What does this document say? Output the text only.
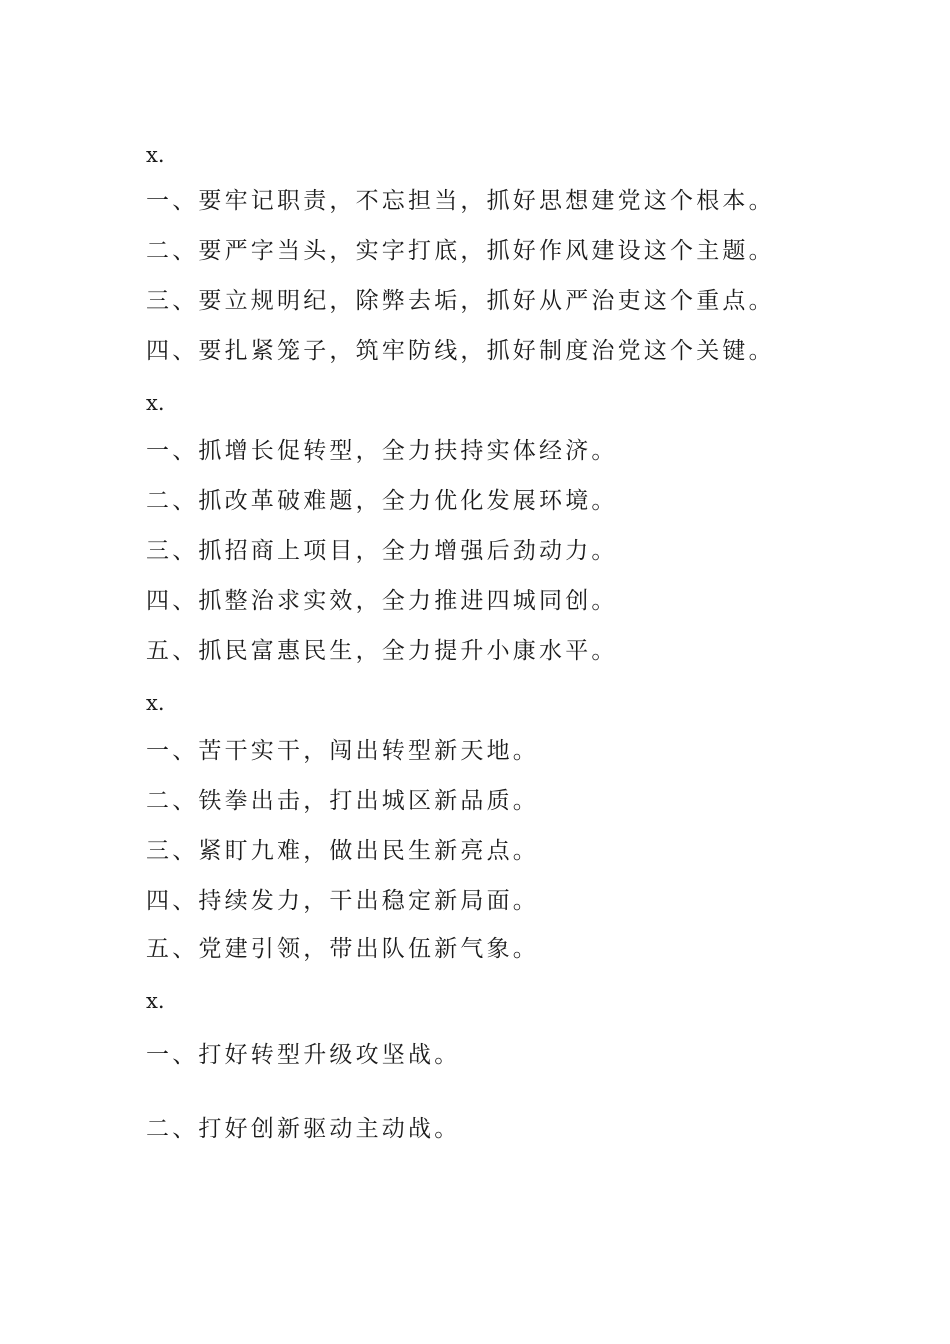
x.
一、要牢记职责，不忘担当，抓好思想建党这个根本。
二、要严字当头，实字打底，抓好作风建设这个主题。
三、要立规明纪，除弊去垢，抓好从严治吏这个重点。
四、要扎紧笼子，筑牢防线，抓好制度治党这个关键。
x.
一、抓增长促转型，全力扶持实体经济。
二、抓改革破难题，全力优化发展环境。
三、抓招商上项目，全力增强后劲动力。
四、抓整治求实效，全力推进四城同创。
五、抓民富惠民生，全力提升小康水平。
x.
一、苦干实干，闯出转型新天地。
二、铁拳出击，打出城区新品质。
三、紧盯九难，做出民生新亮点。
四、持续发力，干出稳定新局面。
五、党建引领，带出队伍新气象。
x.
一、打好转型升级攻坚战。
二、打好创新驱动主动战。
